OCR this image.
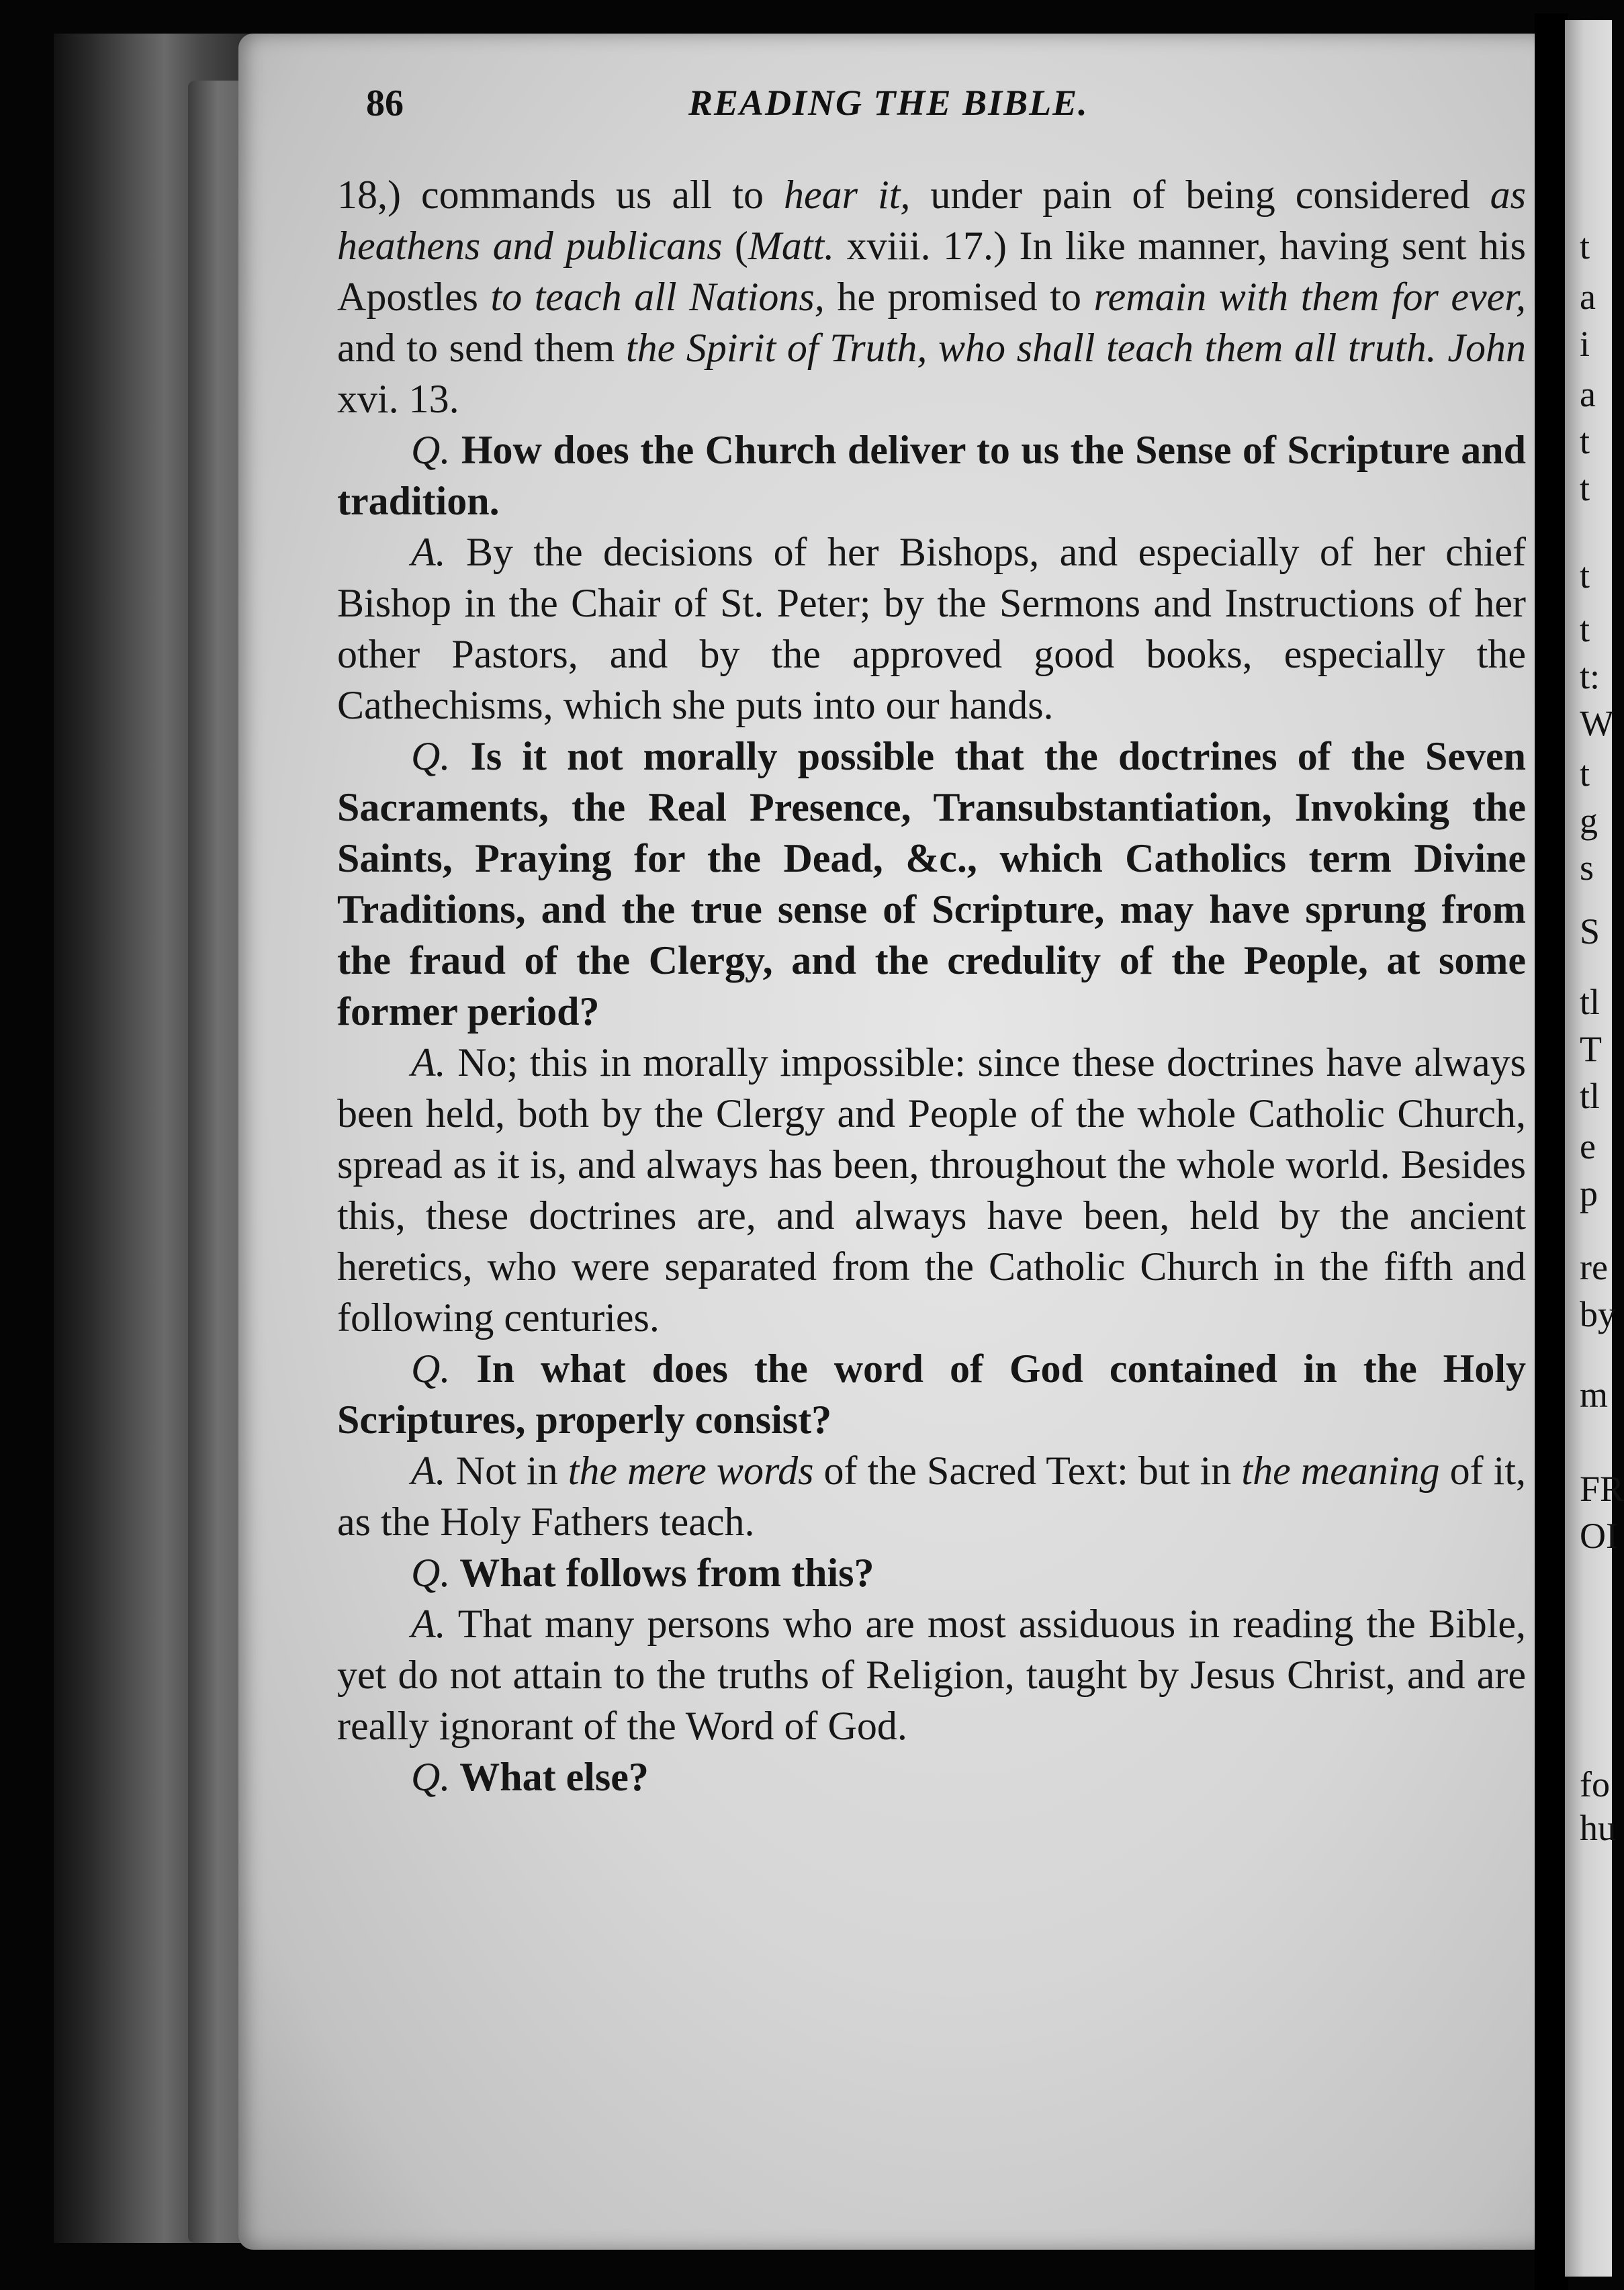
t
a
i
a
t
t
t
t
t:
W
t
g
s
S
tl
T
tl
e
p
re
by
m
FR
OI
fo
hu
86	READING THE BIBLE.

18,) commands us all to hear it, under pain of being considered as heathens and publicans (Matt. xviii. 17.) In like manner, having sent his Apostles to teach all Nations, he promised to remain with them for ever, and to send them the Spirit of Truth, who shall teach them all truth. John xvi. 13.

Q. How does the Church deliver to us the Sense of Scripture and tradition.

A. By the decisions of her Bishops, and especially of her chief Bishop in the Chair of St. Peter; by the Sermons and Instructions of her other Pastors, and by the approved good books, especially the Cathechisms, which she puts into our hands.

Q. Is it not morally possible that the doctrines of the Seven Sacraments, the Real Presence, Transubstantiation, Invoking the Saints, Praying for the Dead, &c., which Catholics term Divine Traditions, and the true sense of Scripture, may have sprung from the fraud of the Clergy, and the credulity of the People, at some former period?

A. No; this in morally impossible: since these doctrines have always been held, both by the Clergy and People of the whole Catholic Church, spread as it is, and always has been, throughout the whole world. Besides this, these doctrines are, and always have been, held by the ancient heretics, who were separated from the Catholic Church in the fifth and following centuries.

Q. In what does the word of God contained in the Holy Scriptures, properly consist?

A. Not in the mere words of the Sacred Text: but in the meaning of it, as the Holy Fathers teach.

Q. What follows from this?

A. That many persons who are most assiduous in reading the Bible, yet do not attain to the truths of Religion, taught by Jesus Christ, and are really ignorant of the Word of God.

Q. What else?
